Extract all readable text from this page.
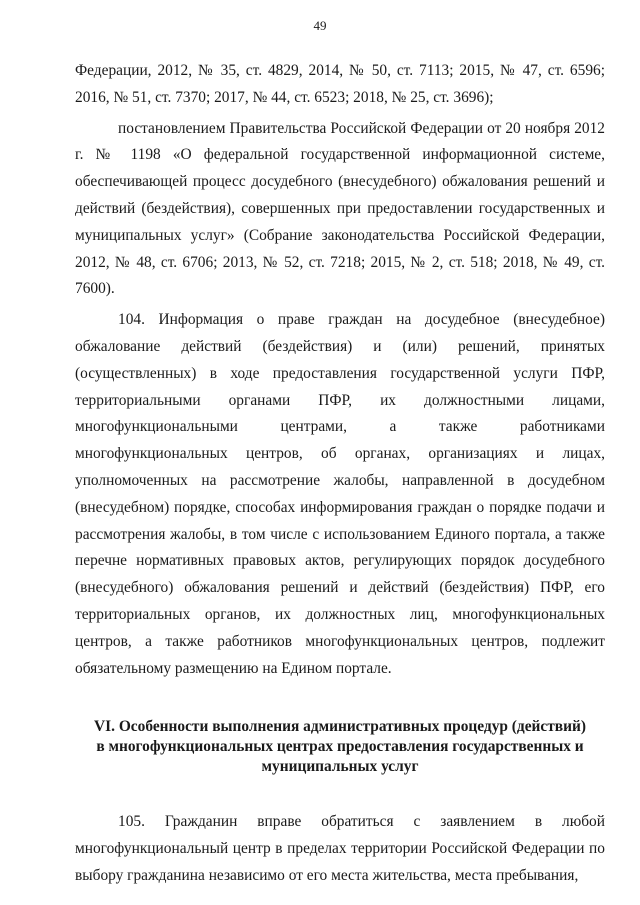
49

Федерации, 2012, № 35, ст. 4829, 2014, № 50, ст. 7113; 2015, № 47, ст. 6596; 2016, № 51, ст. 7370; 2017, № 44, ст. 6523; 2018, № 25, ст. 3696);

постановлением Правительства Российской Федерации от 20 ноября 2012 г. № 1198 «О федеральной государственной информационной системе, обеспечивающей процесс досудебного (внесудебного) обжалования решений и действий (бездействия), совершенных при предоставлении государственных и муниципальных услуг» (Собрание законодательства Российской Федерации, 2012, № 48, ст. 6706; 2013, № 52, ст. 7218; 2015, № 2, ст. 518; 2018, № 49, ст. 7600).

104. Информация о праве граждан на досудебное (внесудебное) обжалование действий (бездействия) и (или) решений, принятых (осуществленных) в ходе предоставления государственной услуги ПФР, территориальными органами ПФР, их должностными лицами, многофункциональными центрами, а также работниками многофункциональных центров, об органах, организациях и лицах, уполномоченных на рассмотрение жалобы, направленной в досудебном (внесудебном) порядке, способах информирования граждан о порядке подачи и рассмотрения жалобы, в том числе с использованием Единого портала, а также перечне нормативных правовых актов, регулирующих порядок досудебного (внесудебного) обжалования решений и действий (бездействия) ПФР, его территориальных органов, их должностных лиц, многофункциональных центров, а также работников многофункциональных центров, подлежит обязательному размещению на Едином портале.

VI. Особенности выполнения административных процедур (действий)
в многофункциональных центрах предоставления государственных и
муниципальных услуг

105. Гражданин вправе обратиться с заявлением в любой многофункциональный центр в пределах территории Российской Федерации по выбору гражданина независимо от его места жительства, места пребывания,
